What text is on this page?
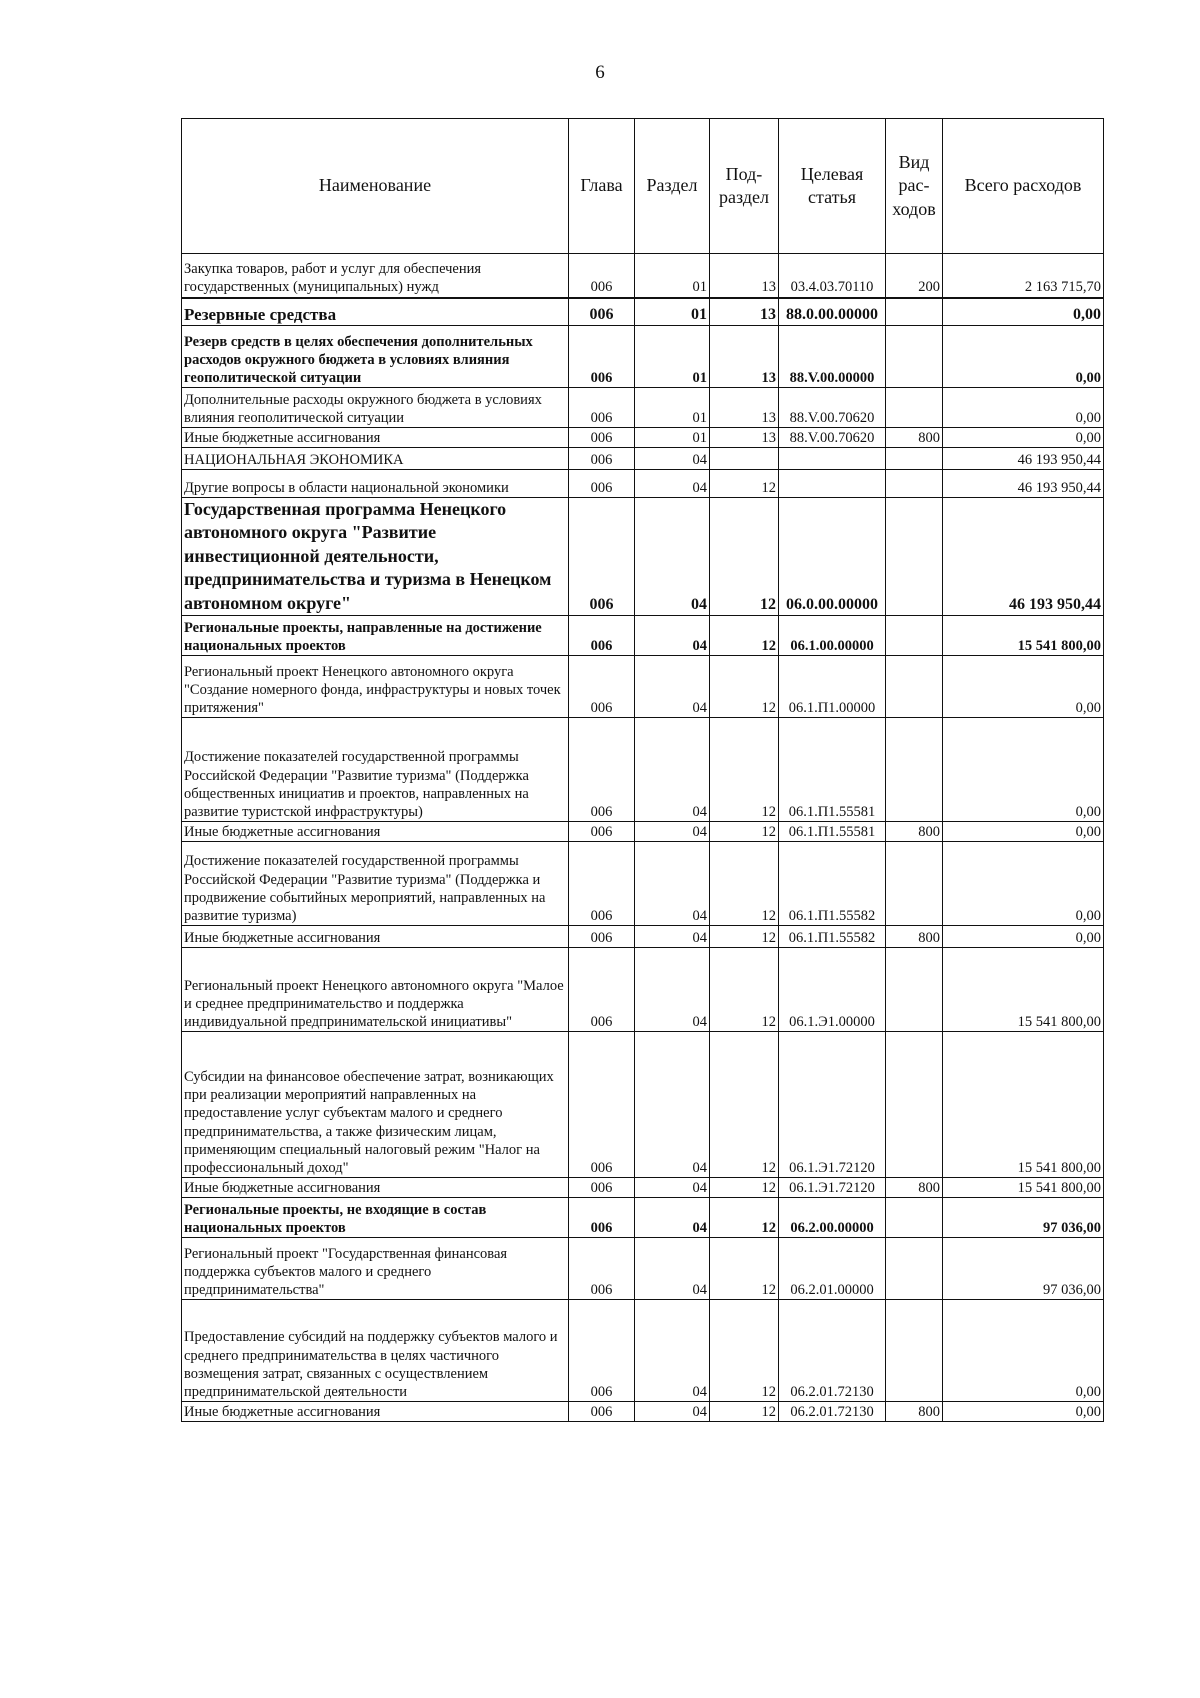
6
Наименование	Глава	Раздел	Под-раздел	Целевая статья	Вид рас-ходов	Всего расходов
Закупка товаров, работ и услуг для обеспечения государственных (муниципальных) нужд	006	01	13	03.4.03.70110	200	2 163 715,70
Резервные средства	006	01	13	88.0.00.00000		0,00
Резерв средств в целях обеспечения дополнительных расходов окружного бюджета в условиях влияния геополитической ситуации	006	01	13	88.V.00.00000		0,00
Дополнительные расходы окружного бюджета в условиях влияния геополитической ситуации	006	01	13	88.V.00.70620		0,00
Иные бюджетные ассигнования	006	01	13	88.V.00.70620	800	0,00
НАЦИОНАЛЬНАЯ ЭКОНОМИКА	006	04				46 193 950,44
Другие вопросы в области национальной экономики	006	04	12			46 193 950,44
Государственная программа Ненецкого автономного округа "Развитие инвестиционной деятельности, предпринимательства и туризма в Ненецком автономном округе"	006	04	12	06.0.00.00000		46 193 950,44
Региональные проекты, направленные на достижение национальных проектов	006	04	12	06.1.00.00000		15 541 800,00
Региональный проект Ненецкого автономного округа "Создание номерного фонда, инфраструктуры и новых точек притяжения"	006	04	12	06.1.П1.00000		0,00
Достижение показателей государственной программы Российской Федерации "Развитие туризма" (Поддержка общественных инициатив и проектов, направленных на развитие туристской инфраструктуры)	006	04	12	06.1.П1.55581		0,00
Иные бюджетные ассигнования	006	04	12	06.1.П1.55581	800	0,00
Достижение показателей государственной программы Российской Федерации "Развитие туризма" (Поддержка и продвижение событийных мероприятий, направленных на развитие туризма)	006	04	12	06.1.П1.55582		0,00
Иные бюджетные ассигнования	006	04	12	06.1.П1.55582	800	0,00
Региональный проект Ненецкого автономного округа "Малое и среднее предпринимательство и поддержка индивидуальной предпринимательской инициативы"	006	04	12	06.1.Э1.00000		15 541 800,00
Субсидии на финансовое обеспечение затрат, возникающих при реализации мероприятий направленных на предоставление услуг субъектам малого и среднего предпринимательства, а также физическим лицам, применяющим специальный налоговый режим "Налог на профессиональный доход"	006	04	12	06.1.Э1.72120		15 541 800,00
Иные бюджетные ассигнования	006	04	12	06.1.Э1.72120	800	15 541 800,00
Региональные проекты, не входящие в состав национальных проектов	006	04	12	06.2.00.00000		97 036,00
Региональный проект "Государственная финансовая поддержка субъектов малого и среднего предпринимательства"	006	04	12	06.2.01.00000		97 036,00
Предоставление субсидий на поддержку субъектов малого и среднего предпринимательства в целях частичного возмещения затрат, связанных с осуществлением предпринимательской деятельности	006	04	12	06.2.01.72130		0,00
Иные бюджетные ассигнования	006	04	12	06.2.01.72130	800	0,00
